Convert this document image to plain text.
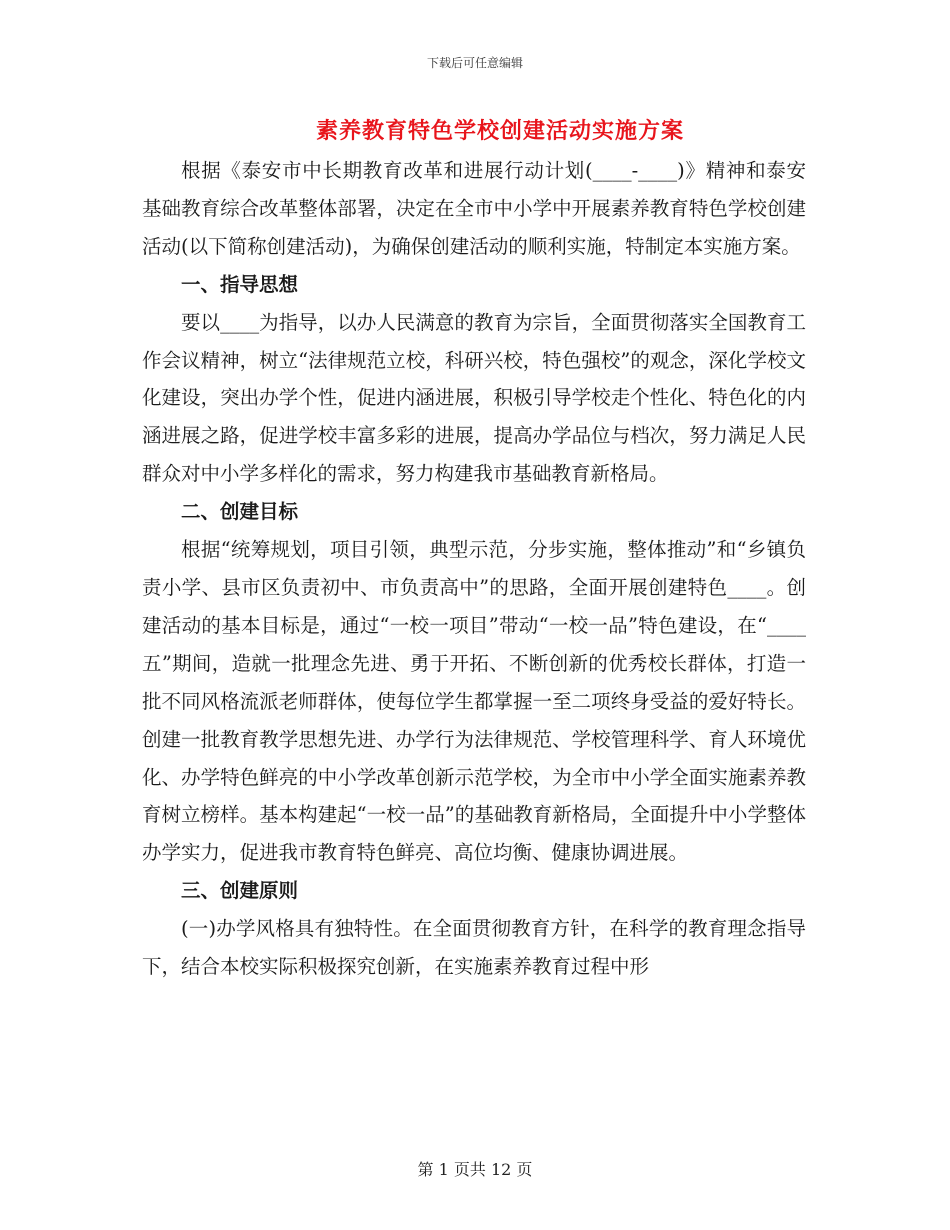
下载后可任意编辑
素养教育特色学校创建活动实施方案

根据《泰安市中长期教育改革和进展行动计划(____-____)》精神和泰安基础教育综合改革整体部署，决定在全市中小学中开展素养教育特色学校创建活动(以下简称创建活动)，为确保创建活动的顺利实施，特制定本实施方案。

一、指导思想

要以____为指导，以办人民满意的教育为宗旨，全面贯彻落实全国教育工作会议精神，树立“法律规范立校，科研兴校，特色强校”的观念，深化学校文化建设，突出办学个性，促进内涵进展，积极引导学校走个性化、特色化的内涵进展之路，促进学校丰富多彩的进展，提高办学品位与档次，努力满足人民群众对中小学多样化的需求，努力构建我市基础教育新格局。

二、创建目标

根据“统筹规划，项目引领，典型示范，分步实施，整体推动”和“乡镇负责小学、县市区负责初中、市负责高中”的思路，全面开展创建特色____。创建活动的基本目标是，通过“一校一项目”带动“一校一品”特色建设，在“____五”期间，造就一批理念先进、勇于开拓、不断创新的优秀校长群体，打造一批不同风格流派老师群体，使每位学生都掌握一至二项终身受益的爱好特长。创建一批教育教学思想先进、办学行为法律规范、学校管理科学、育人环境优化、办学特色鲜亮的中小学改革创新示范学校，为全市中小学全面实施素养教育树立榜样。基本构建起“一校一品”的基础教育新格局，全面提升中小学整体办学实力，促进我市教育特色鲜亮、高位均衡、健康协调进展。

三、创建原则

(一)办学风格具有独特性。在全面贯彻教育方针，在科学的教育理念指导下，结合本校实际积极探究创新，在实施素养教育过程中形

第 1 页共 12 页
